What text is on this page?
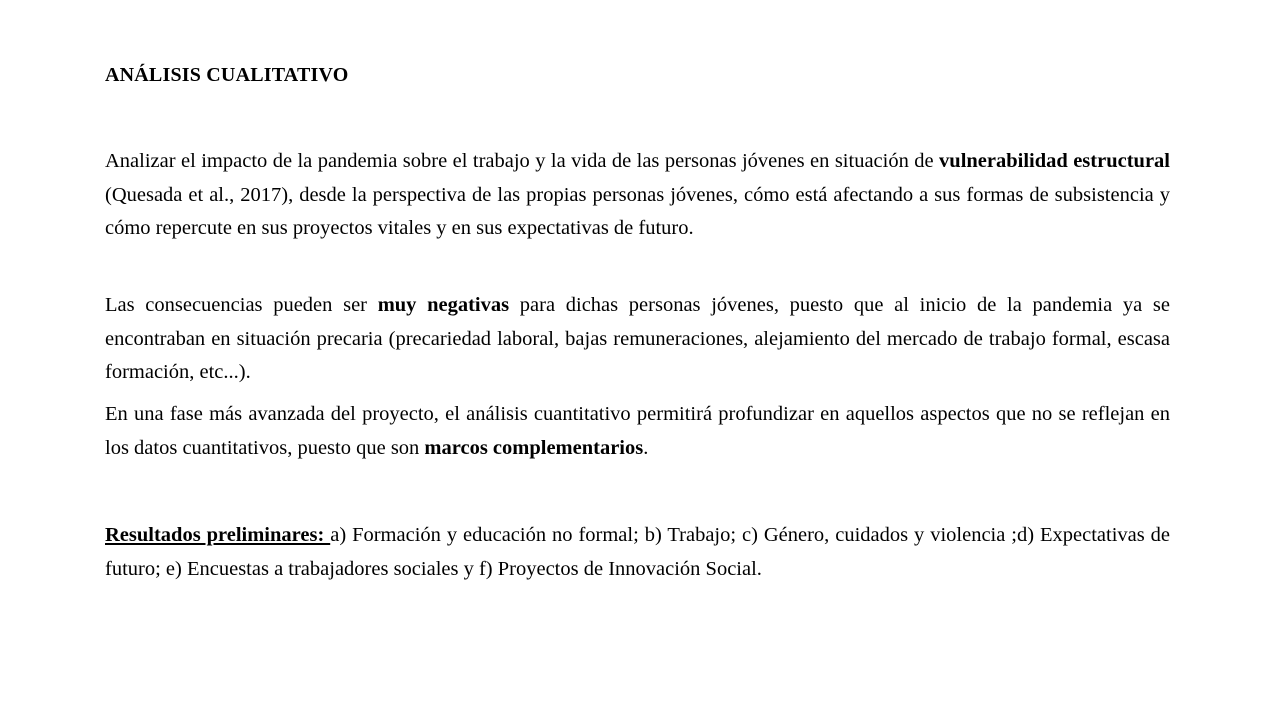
ANÁLISIS CUALITATIVO

Analizar el impacto de la pandemia sobre el trabajo y la vida de las personas jóvenes en situación de vulnerabilidad estructural (Quesada et al., 2017), desde la perspectiva de las propias personas jóvenes, cómo está afectando a sus formas de subsistencia y cómo repercute en sus proyectos vitales y en sus expectativas de futuro.

Las consecuencias pueden ser muy negativas para dichas personas jóvenes, puesto que al inicio de la pandemia ya se encontraban en situación precaria (precariedad laboral, bajas remuneraciones, alejamiento del mercado de trabajo formal, escasa formación, etc...).

En una fase más avanzada del proyecto, el análisis cuantitativo permitirá profundizar en aquellos aspectos que no se reflejan en los datos cuantitativos, puesto que son marcos complementarios.

Resultados preliminares: a) Formación y educación no formal; b) Trabajo; c) Género, cuidados y violencia ;d) Expectativas de futuro; e) Encuestas a trabajadores sociales y f) Proyectos de Innovación Social.
